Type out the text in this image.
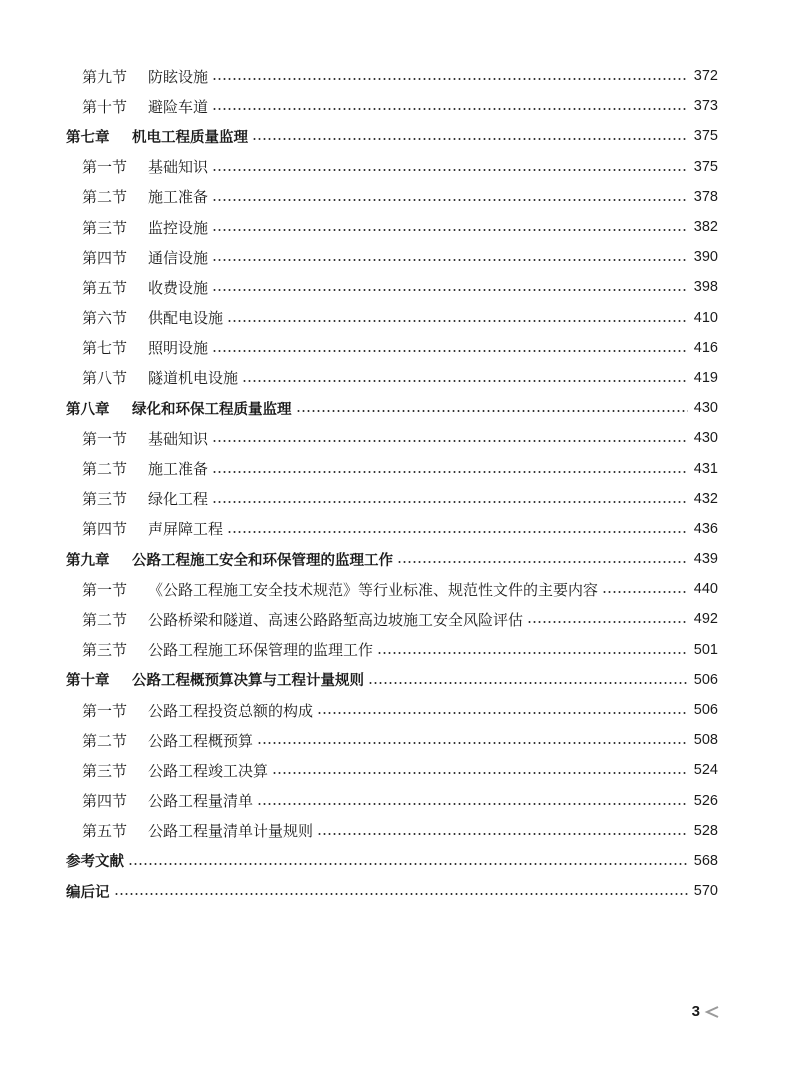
第九节	防眩设施	372
第十节	避险车道	373
第七章	机电工程质量监理	375
第一节	基础知识	375
第二节	施工准备	378
第三节	监控设施	382
第四节	通信设施	390
第五节	收费设施	398
第六节	供配电设施	410
第七节	照明设施	416
第八节	隧道机电设施	419
第八章	绿化和环保工程质量监理	430
第一节	基础知识	430
第二节	施工准备	431
第三节	绿化工程	432
第四节	声屏障工程	436
第九章	公路工程施工安全和环保管理的监理工作	439
第一节	《公路工程施工安全技术规范》等行业标准、规范性文件的主要内容	440
第二节	公路桥梁和隧道、高速公路路堑高边坡施工安全风险评估	492
第三节	公路工程施工环保管理的监理工作	501
第十章	公路工程概预算决算与工程计量规则	506
第一节	公路工程投资总额的构成	506
第二节	公路工程概预算	508
第三节	公路工程竣工决算	524
第四节	公路工程量清单	526
第五节	公路工程量清单计量规则	528
参考文献	568
编后记	570
3
